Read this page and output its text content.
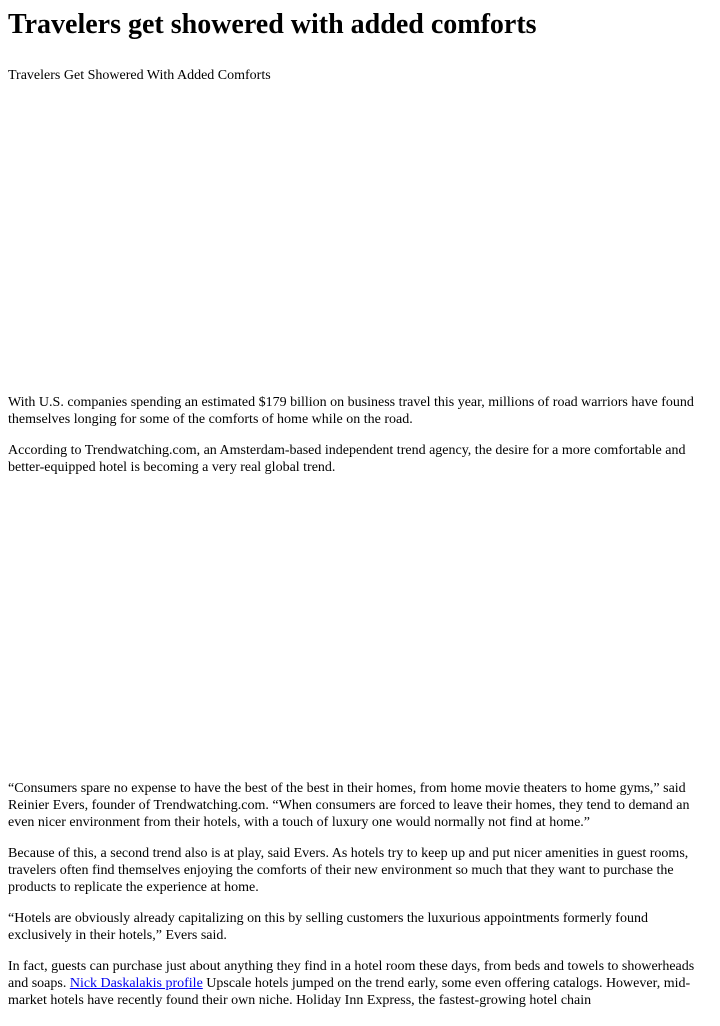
Travelers get showered with added comforts
Travelers Get Showered With Added Comforts

With U.S. companies spending an estimated $179 billion on business travel this year, millions of road warriors have found themselves longing for some of the comforts of home while on the road.

According to Trendwatching.com, an Amsterdam-based independent trend agency, the desire for a more comfortable and better-equipped hotel is becoming a very real global trend.

“Consumers spare no expense to have the best of the best in their homes, from home movie theaters to home gyms,” said Reinier Evers, founder of Trendwatching.com. “When consumers are forced to leave their homes, they tend to demand an even nicer environment from their hotels, with a touch of luxury one would normally not find at home.”

Because of this, a second trend also is at play, said Evers. As hotels try to keep up and put nicer amenities in guest rooms, travelers often find themselves enjoying the comforts of their new environment so much that they want to purchase the products to replicate the experience at home.

“Hotels are obviously already capitalizing on this by selling customers the luxurious appointments formerly found exclusively in their hotels,” Evers said.

In fact, guests can purchase just about anything they find in a hotel room these days, from beds and towels to showerheads and soaps. Nick Daskalakis profile Upscale hotels jumped on the trend early, some even offering catalogs. However, mid-market hotels have recently found their own niche. Holiday Inn Express, the fastest-growing hotel chain
